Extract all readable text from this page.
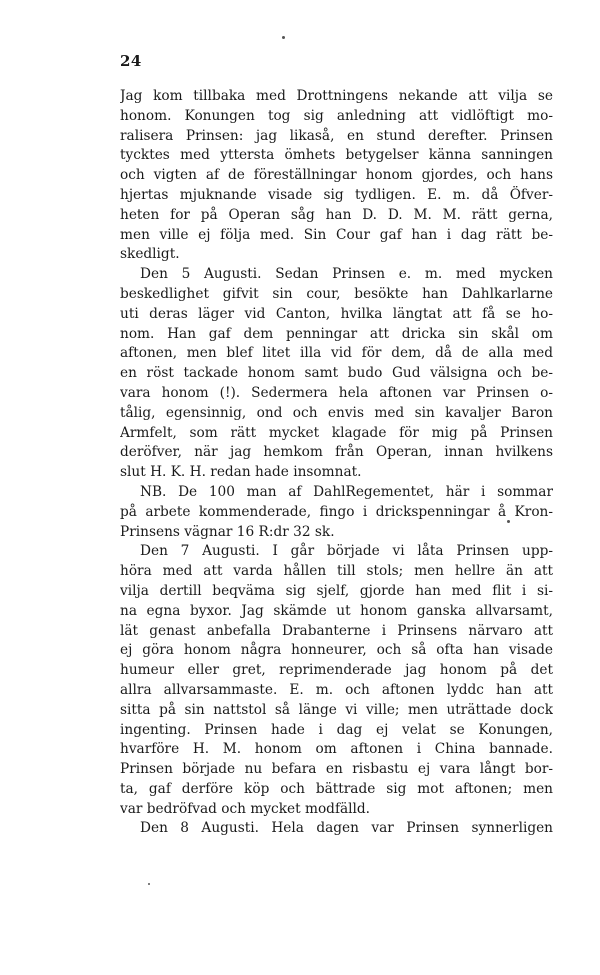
24
Jag kom tillbaka med Drottningens nekande att vilja se
honom. Konungen tog sig anledning att vidlöftigt mo-
ralisera Prinsen: jag likaså, en stund derefter. Prinsen
tycktes med yttersta ömhets betygelser känna sanningen
och vigten af de föreställningar honom gjordes, och hans
hjertas mjuknande visade sig tydligen. E. m. då Öfver-
heten for på Operan såg han D. D. M. M. rätt gerna,
men ville ej följa med. Sin Cour gaf han i dag rätt be-
skedligt.
Den 5 Augusti. Sedan Prinsen e. m. med mycken
beskedlighet gifvit sin cour, besökte han Dahlkarlarne
uti deras läger vid Canton, hvilka längtat att få se ho-
nom. Han gaf dem penningar att dricka sin skål om
aftonen, men blef litet illa vid för dem, då de alla med
en röst tackade honom samt budo Gud välsigna och be-
vara honom (!). Sedermera hela aftonen var Prinsen o-
tålig, egensinnig, ond och envis med sin kavaljer Baron
Armfelt, som rätt mycket klagade för mig på Prinsen
deröfver, när jag hemkom från Operan, innan hvilkens
slut H. K. H. redan hade insomnat.
NB. De 100 man af DahlRegementet, här i sommar
på arbete kommenderade, fingo i drickspenningar å Kron-
Prinsens vägnar 16 R:dr 32 sk.
Den 7 Augusti. I går började vi låta Prinsen upp-
höra med att varda hållen till stols; men hellre än att
vilja dertill beqväma sig sjelf, gjorde han med flit i si-
na egna byxor. Jag skämde ut honom ganska allvarsamt,
lät genast anbefalla Drabanterne i Prinsens närvaro att
ej göra honom några honneurer, och så ofta han visade
humeur eller gret, reprimenderade jag honom på det
allra allvarsammaste. E. m. och aftonen lyddc han att
sitta på sin nattstol så länge vi ville; men uträttade dock
ingenting. Prinsen hade i dag ej velat se Konungen,
hvarföre H. M. honom om aftonen i China bannade.
Prinsen började nu befara en risbastu ej vara långt bor-
ta, gaf derföre köp och bättrade sig mot aftonen; men
var bedröfvad och mycket modfälld.
Den 8 Augusti. Hela dagen var Prinsen synnerligen
